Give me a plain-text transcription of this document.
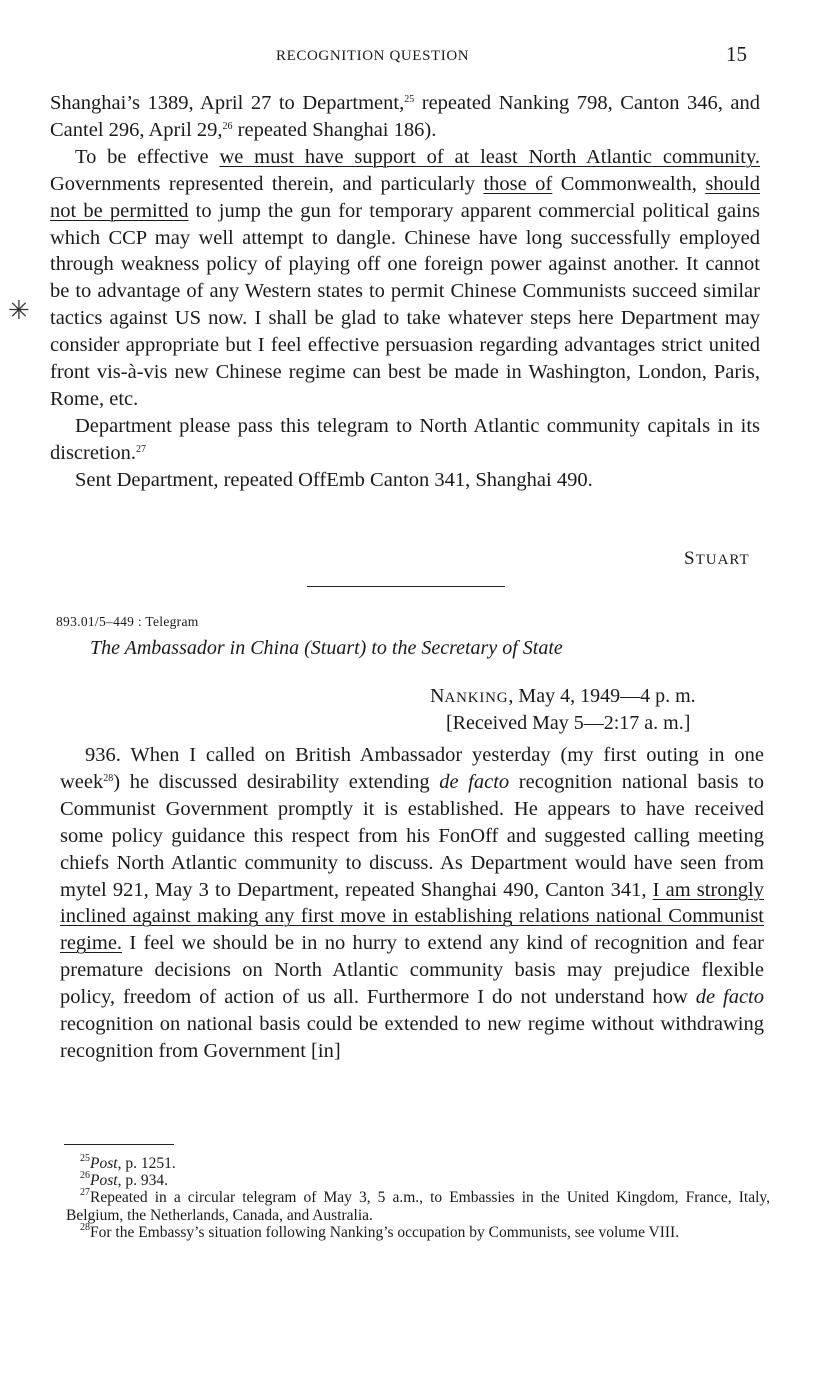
RECOGNITION QUESTION	15
✳

Shanghai’s 1389, April 27 to Department,$^{25}$ repeated Nanking 798, Canton 346, and Cantel 296, April 29,26 repeated Shanghai 186).

To be effective we must have support of at least North Atlantic community. Governments represented therein, and particularly those of Commonwealth, should not be permitted to jump the gun for temporary apparent commercial political gains which CCP may well attempt to dangle. Chinese have long successfully employed through weakness policy of playing off one foreign power against another. It cannot be to advantage of any Western states to permit Chinese Communists succeed similar tactics against US now. I shall be glad to take whatever steps here Department may consider appropriate but I feel effective persuasion regarding advantages strict united front vis-à-vis new Chinese regime can best be made in Washington, London, Paris, Rome, etc.

Department please pass this telegram to North Atlantic community capitals in its discretion.$^{27}$

Sent Department, repeated OffEmb Canton 341, Shanghai 490.

STUART
893.01/5–449 : Telegram
The Ambassador in China (Stuart) to the Secretary of State
NANKING, May 4, 1949—4 p. m.
[Received May 5—2:17 a. m.]

936. When I called on British Ambassador yesterday (my first outing in one week$^{28}$) he discussed desirability extending de facto recognition national basis to Communist Government promptly it is established. He appears to have received some policy guidance this respect from his FonOff and suggested calling meeting chiefs North Atlantic community to discuss. As Department would have seen from mytel 921, May 3 to Department, repeated Shanghai 490, Canton 341, I am strongly inclined against making any first move in establishing relations national Communist regime. I feel we should be in no hurry to extend any kind of recognition and fear premature decisions on North Atlantic community basis may prejudice flexible policy, freedom of action of us all. Furthermore I do not understand how de facto recognition on national basis could be extended to new regime without withdrawing recognition from Government [in]

$^{25}$Post, p. 1251.

$^{26}$Post, p. 934.

$^{27}$Repeated in a circular telegram of May 3, 5 a.m., to Embassies in the United Kingdom, France, Italy, Belgium, the Netherlands, Canada, and Australia.

$^{28}$For the Embassy’s situation following Nanking’s occupation by Communists, see volume VIII.
